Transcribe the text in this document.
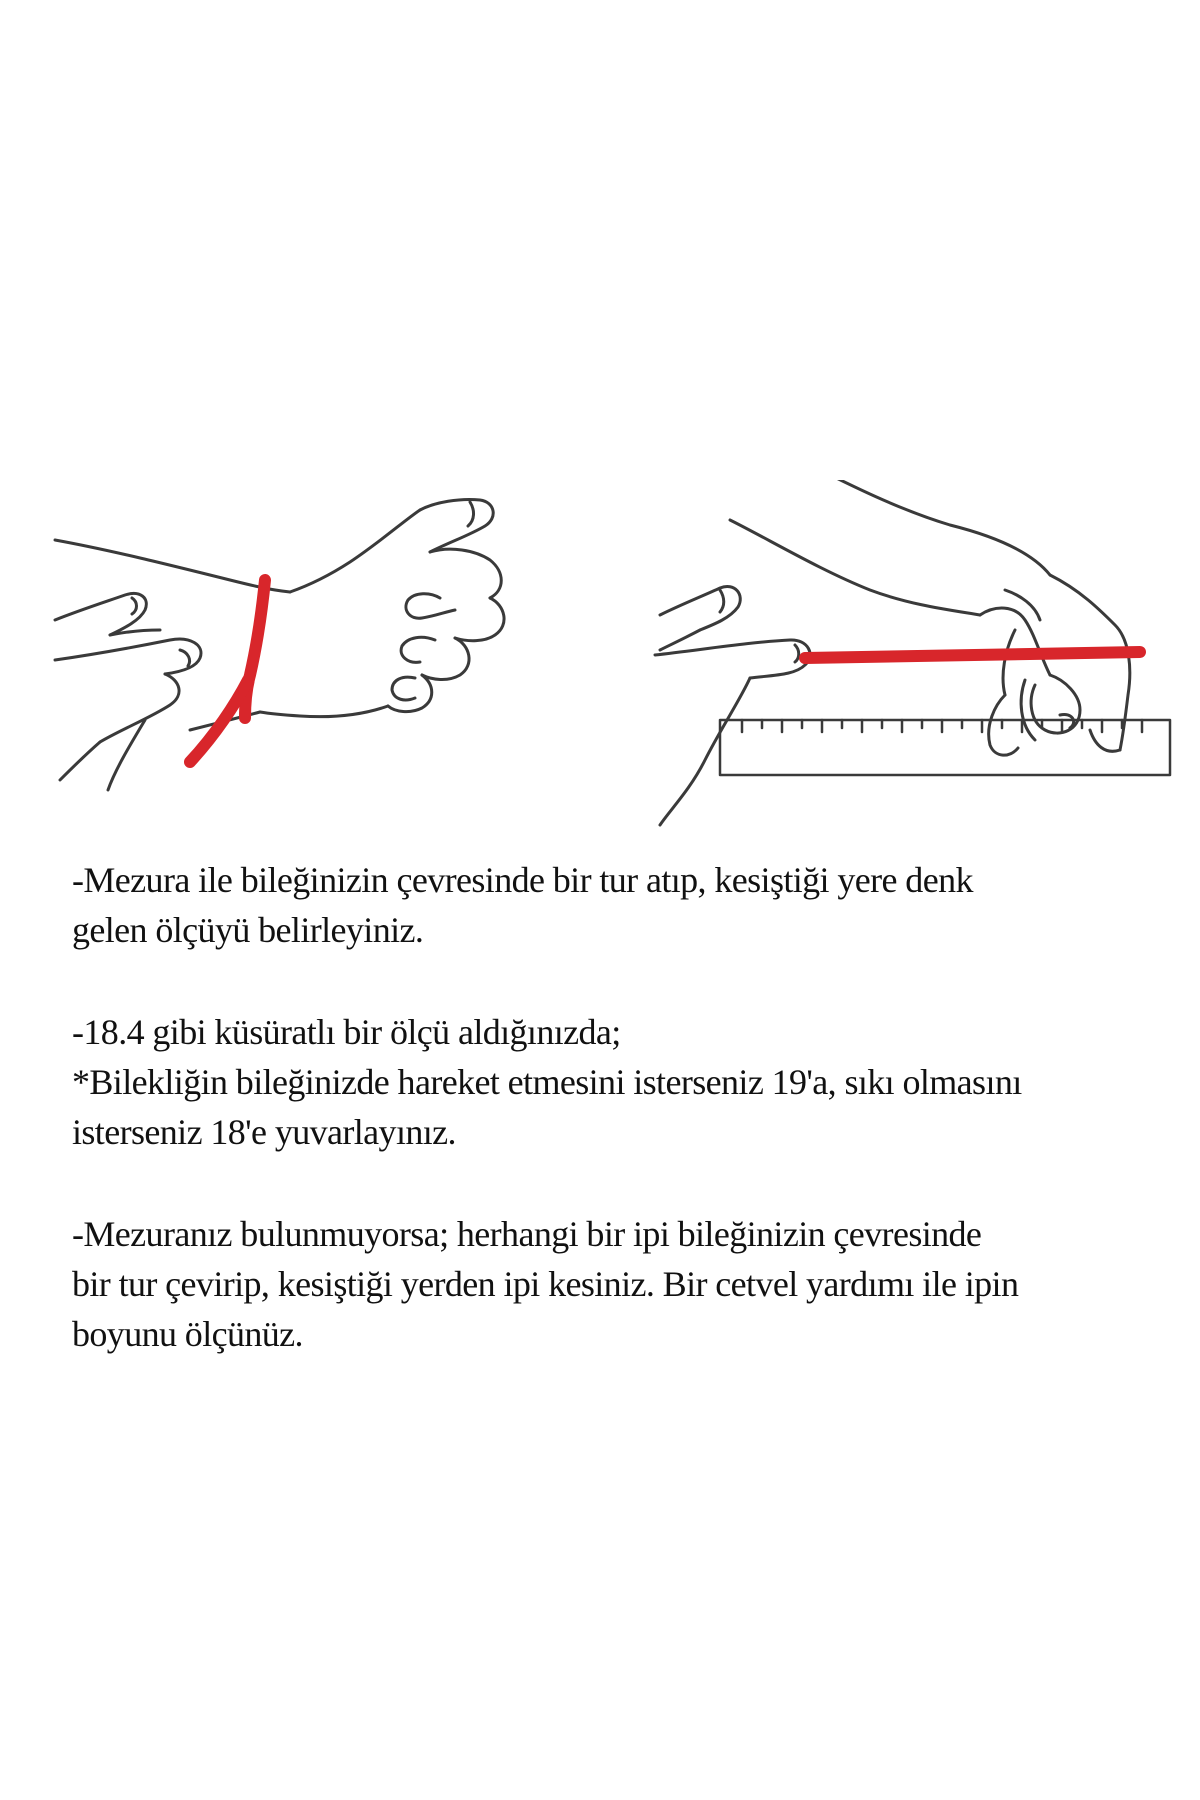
-Mezura ile bileğinizin çevresinde bir tur atıp, kesiştiği yere denk
gelen ölçüyü belirleyiniz.

-18.4 gibi küsüratlı bir ölçü aldığınızda;
*Bilekliğin bileğinizde hareket etmesini isterseniz 19'a, sıkı olmasını
isterseniz 18'e yuvarlayınız.

-Mezuranız bulunmuyorsa; herhangi bir ipi bileğinizin çevresinde
bir tur çevirip, kesiştiği yerden ipi kesiniz. Bir cetvel yardımı ile ipin
boyunu ölçünüz.
